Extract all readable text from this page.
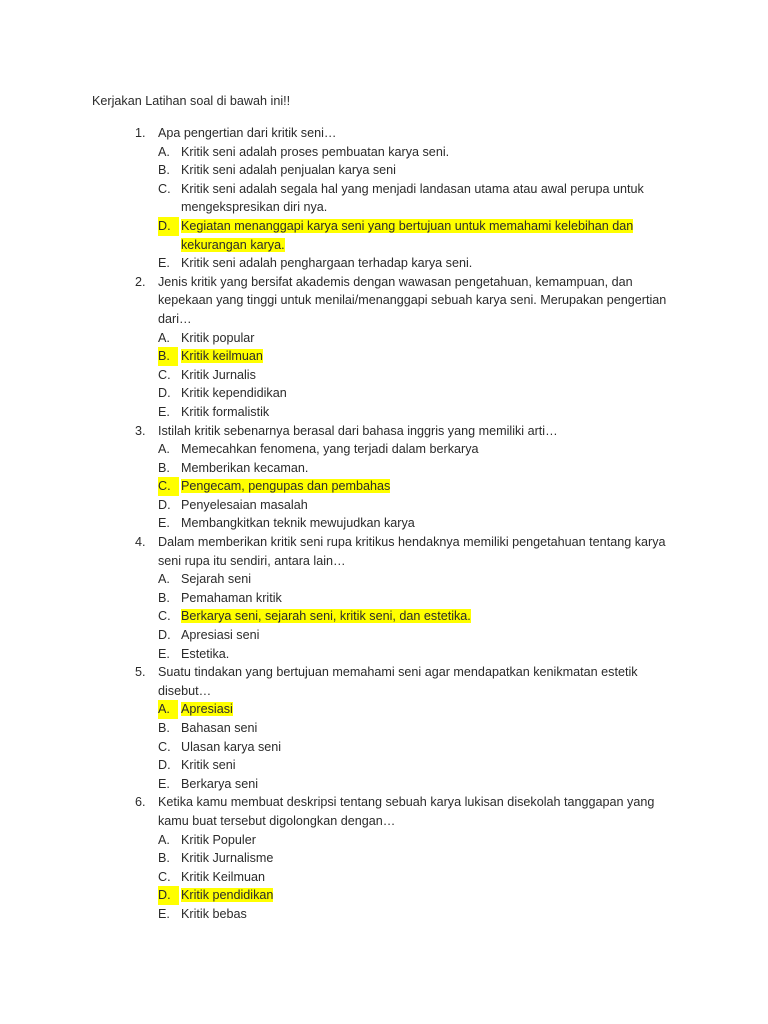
Kerjakan Latihan soal di bawah ini!!
1. Apa pengertian dari kritik seni…
A. Kritik seni adalah proses pembuatan karya seni.
B. Kritik seni adalah penjualan karya seni
C. Kritik seni adalah segala hal yang menjadi landasan utama atau awal perupa untuk mengekspresikan diri nya.
D. Kegiatan menanggapi karya seni yang bertujuan untuk memahami kelebihan dan kekurangan karya.
E. Kritik seni adalah penghargaan terhadap karya seni.
2. Jenis kritik yang bersifat akademis dengan wawasan pengetahuan, kemampuan, dan kepekaan yang tinggi untuk menilai/menanggapi sebuah karya seni. Merupakan pengertian dari…
A. Kritik popular
B. Kritik keilmuan
C. Kritik Jurnalis
D. Kritik kependidikan
E. Kritik formalistik
3. Istilah kritik sebenarnya berasal dari bahasa inggris yang memiliki arti…
A. Memecahkan fenomena, yang terjadi dalam berkarya
B. Memberikan kecaman.
C. Pengecam, pengupas dan pembahas
D. Penyelesaian masalah
E. Membangkitkan teknik mewujudkan karya
4. Dalam memberikan kritik seni rupa kritikus hendaknya memiliki pengetahuan tentang karya seni rupa itu sendiri, antara lain…
A. Sejarah seni
B. Pemahaman kritik
C. Berkarya seni, sejarah seni, kritik seni, dan estetika.
D. Apresiasi seni
E. Estetika.
5. Suatu tindakan yang bertujuan memahami seni agar mendapatkan kenikmatan estetik disebut…
A. Apresiasi
B. Bahasan seni
C. Ulasan karya seni
D. Kritik seni
E. Berkarya seni
6. Ketika kamu membuat deskripsi tentang sebuah karya lukisan disekolah tanggapan yang kamu buat tersebut digolongkan dengan…
A. Kritik Populer
B. Kritik Jurnalisme
C. Kritik Keilmuan
D. Kritik pendidikan
E. Kritik bebas
